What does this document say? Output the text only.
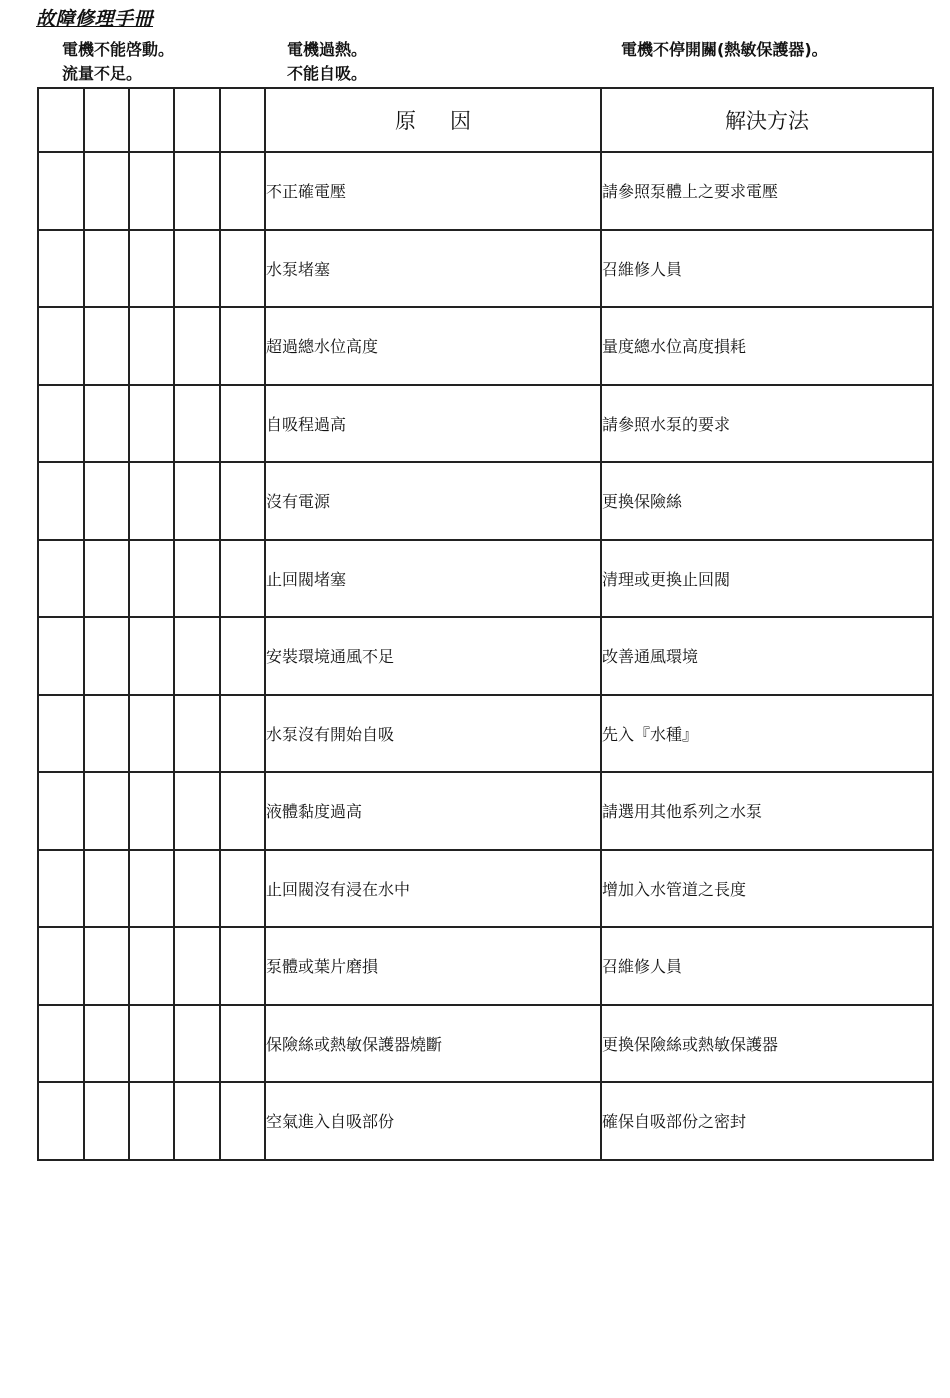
故障修理手冊
電機不能啓動。
流量不足。
電機過熱。
不能自吸。
電機不停開關(熱敏保護器)。
					原因	解決方法
					不正確電壓	請參照泵體上之要求電壓
					水泵堵塞	召維修人員
					超過總水位高度	量度總水位高度損耗
					自吸程過高	請參照水泵的要求
					沒有電源	更換保險絲
					止回閥堵塞	清理或更換止回閥
					安裝環境通風不足	改善通風環境
					水泵沒有開始自吸	先入『水種』
					液體黏度過高	請選用其他系列之水泵
					止回閥沒有浸在水中	增加入水管道之長度
					泵體或葉片磨損	召維修人員
					保險絲或熱敏保護器燒斷	更換保險絲或熱敏保護器
					空氣進入自吸部份	確保自吸部份之密封
